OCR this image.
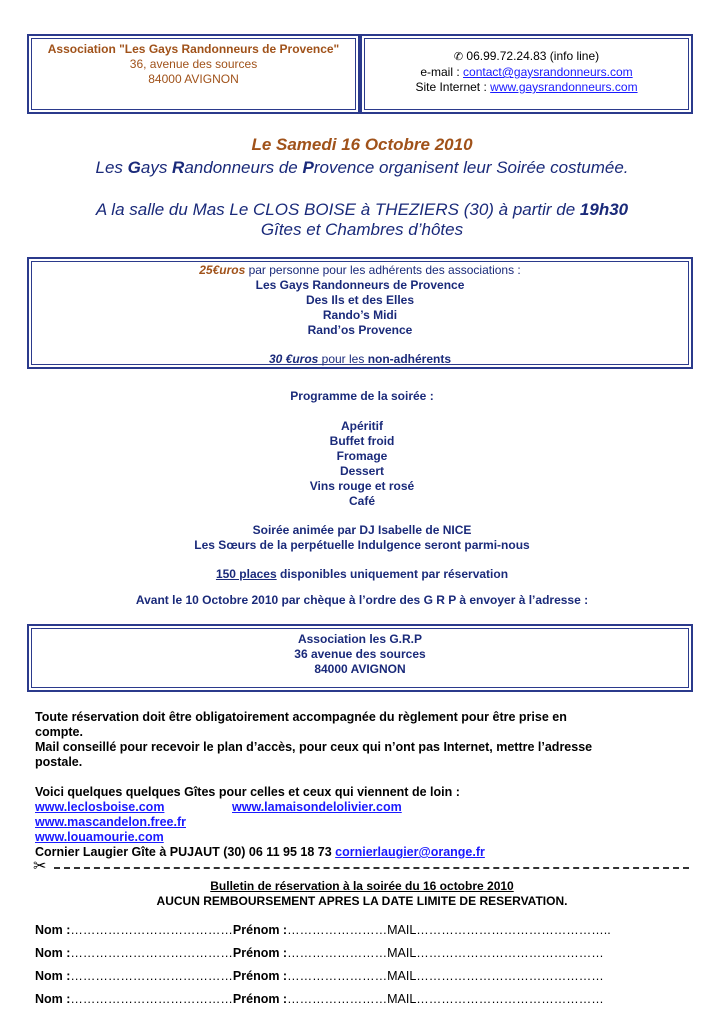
Association "Les Gays Randonneurs de Provence"
36, avenue des sources
84000 AVIGNON
✆ 06.99.72.24.83 (info line)
e-mail : contact@gaysrandonneurs.com
Site Internet : www.gaysrandonneurs.com
Le Samedi 16 Octobre 2010
Les Gays Randonneurs de Provence organisent leur Soirée costumée.
A la salle du Mas Le CLOS BOISE à THEZIERS (30) à partir de 19h30
Gîtes et Chambres d’hôtes
25€uros par personne pour les adhérents des associations :
Les Gays Randonneurs de Provence
Des Ils et des Elles
Rando’s Midi
Rand’os Provence
30 €uros pour les non-adhérents
Programme de la soirée :
Apéritif
Buffet froid
Fromage
Dessert
Vins rouge et rosé
Café
Soirée animée par DJ Isabelle de NICE
Les Sœurs de la perpétuelle Indulgence seront parmi-nous
150 places disponibles uniquement par réservation
Avant le 10 Octobre 2010 par chèque à l’ordre des G R P à envoyer à l’adresse :
Association les G.R.P
36 avenue des sources
84000 AVIGNON
Toute réservation doit être obligatoirement accompagnée du règlement pour être prise en
compte.
Mail conseillé pour recevoir le plan d’accès, pour ceux qui n’ont pas Internet, mettre l’adresse
postale.
Voici quelques quelques Gîtes pour celles et ceux qui viennent de loin :
www.leclosboise.com	www.lamaisondelolivier.com
www.mascandelon.free.fr
www.louamourie.com
Cornier Laugier Gîte à PUJAUT (30) 06 11 95 18 73 cornierlaugier@orange.fr
✂
Bulletin de réservation à la soirée du 16 octobre 2010
AUCUN REMBOURSEMENT APRES LA DATE LIMITE DE RESERVATION.
Nom :…………………………………Prénom :……………………MAIL………………………………………..
Nom :…………………………………Prénom :……………………MAIL………………………………………
Nom :…………………………………Prénom :……………………MAIL………………………………………
Nom :…………………………………Prénom :……………………MAIL………………………………………
